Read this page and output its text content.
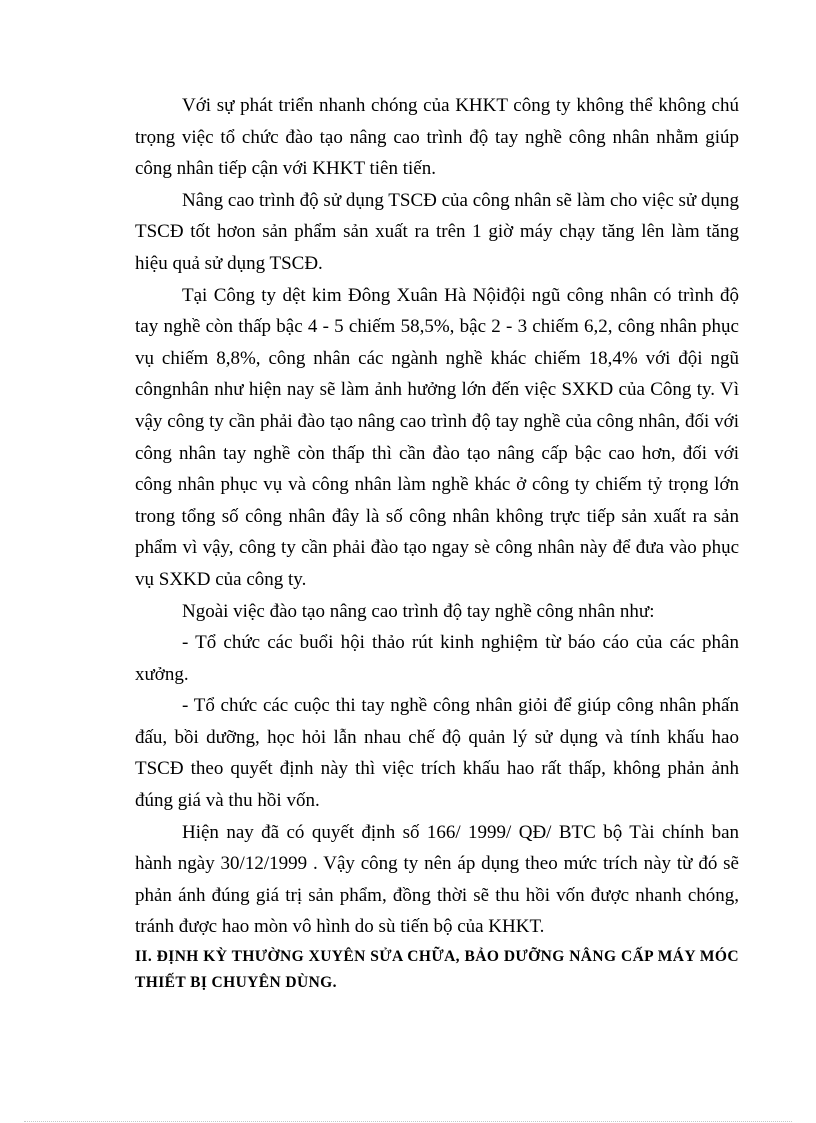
Với sự phát triển nhanh chóng của KHKT công ty không thể không chú trọng việc tổ chức đào tạo nâng cao trình độ tay nghề công nhân nhằm giúp công nhân tiếp cận với KHKT tiên tiến.

Nâng cao trình độ sử dụng TSCĐ của công nhân sẽ làm cho việc sử dụng TSCĐ tốt hơon sản phẩm sản xuất ra trên 1 giờ máy chạy tăng lên làm tăng hiệu quả sử dụng TSCĐ.

Tại Công ty dệt kim Đông Xuân Hà Nộiđội ngũ công nhân có trình độ tay nghề còn thấp bậc 4 - 5 chiếm 58,5%, bậc 2 - 3 chiếm 6,2, công nhân phục vụ chiếm 8,8%, công nhân các ngành nghề khác chiếm 18,4% với đội ngũ côngnhân như hiện nay sẽ làm ảnh hưởng lớn đến việc SXKD của Công ty. Vì vậy công ty cần phải đào tạo nâng cao trình độ tay nghề của công nhân, đối với công nhân tay nghề còn thấp thì cần đào tạo nâng cấp bậc cao hơn, đối với công nhân phục vụ và công nhân làm nghề khác ở công ty chiếm tỷ trọng lớn trong tổng số công nhân đây là số công nhân không trực tiếp sản xuất ra sản phẩm vì vậy, công ty cần phải đào tạo ngay sè công nhân này để đưa vào phục vụ SXKD của công ty.

Ngoài việc đào tạo nâng cao trình độ tay nghề công nhân như:

- Tổ chức các buổi hội thảo rút kinh nghiệm từ báo cáo của các phân xưởng.

- Tổ chức các cuộc thi tay nghề công nhân giỏi để giúp công nhân phấn đấu, bồi dưỡng, học hỏi lẫn nhau chế độ quản lý sử dụng và tính khấu hao TSCĐ theo quyết định này thì việc trích khấu hao rất thấp, không phản ảnh đúng giá và thu hồi vốn.

Hiện nay đã có quyết định số 166/ 1999/ QĐ/ BTC bộ Tài chính ban hành ngày 30/12/1999 . Vậy công ty nên áp dụng theo mức trích này từ đó sẽ phản ánh đúng giá trị sản phẩm, đồng thời sẽ thu hồi vốn được nhanh chóng, tránh được hao mòn vô hình do sù tiến bộ của KHKT.

II. ĐỊNH KỲ THƯỜNG XUYÊN SỬA CHỮA, BẢO DƯỠNG NÂNG CẤP MÁY MÓC THIẾT BỊ CHUYÊN DÙNG.
